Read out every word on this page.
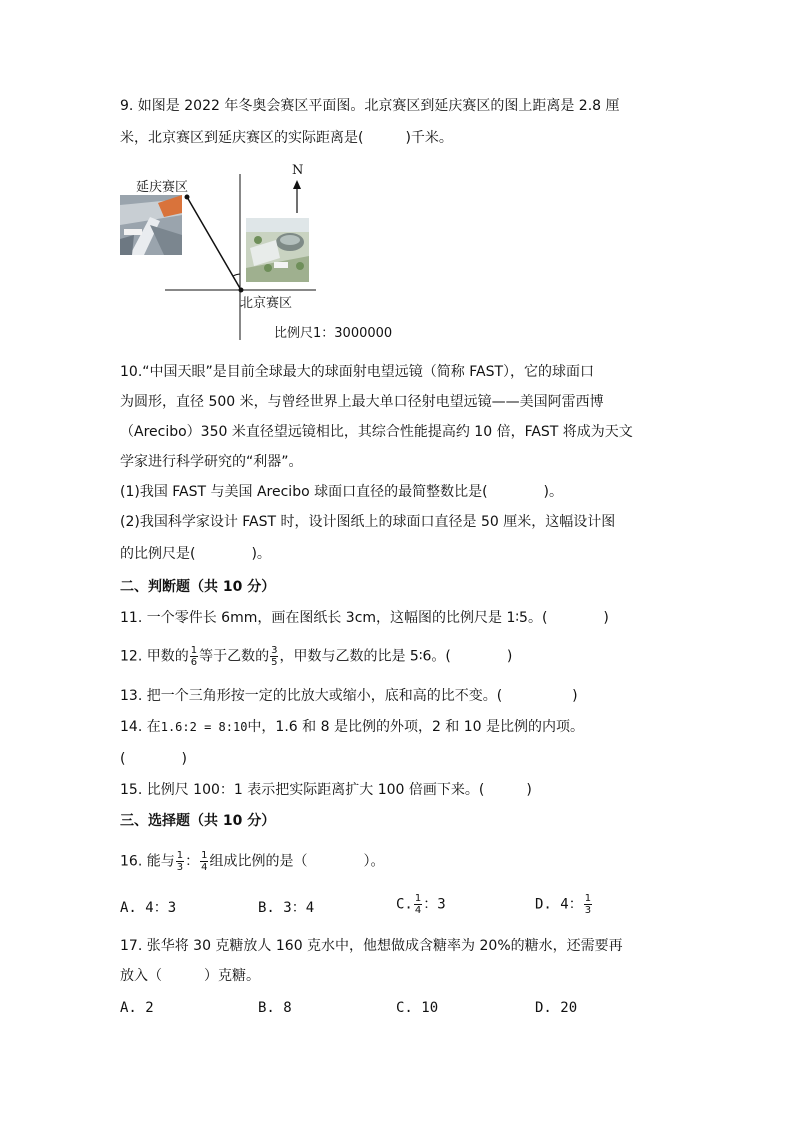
9. 如图是 2022 年冬奥会赛区平面图。北京赛区到延庆赛区的图上距离是 2.8 厘
米，北京赛区到延庆赛区的实际距离是(　　　)千米。
N
延庆赛区
北京赛区
比例尺1：3000000
10.“中国天眼”是目前全球最大的球面射电望远镜（简称 FAST），它的球面口
为圆形，直径 500 米，与曾经世界上最大单口径射电望远镜——美国阿雷西博
（Arecibo）350 米直径望远镜相比，其综合性能提高约 10 倍，FAST 将成为天文
学家进行科学研究的“利器”。
(1)我国 FAST 与美国 Arecibo 球面口直径的最简整数比是(　　　　)。
(2)我国科学家设计 FAST 时，设计图纸上的球面口直径是 50 厘米，这幅设计图
的比例尺是(　　　　)。
二、判断题（共 10 分）
11. 一个零件长 6mm，画在图纸长 3cm，这幅图的比例尺是 1∶5。(　　　　)
12. 甲数的 $\frac{1}{6}$ 等于乙数的 $\frac{3}{5}$ ，甲数与乙数的比是 5∶6。(　　　　)
13. 把一个三角形按一定的比放大或缩小，底和高的比不变。(　　　　　)
14. 在1.6:2 = 8:10中，1.6 和 8 是比例的外项，2 和 10 是比例的内项。
(　　　　)
15. 比例尺 100：1 表示把实际距离扩大 100 倍画下来。(　　　)
三、选择题（共 10 分）
16. 能与 $\frac{1}{3}$ ： $\frac{1}{4}$ 组成比例的是（　　　　）。
A. 4：3	B. 3：4	C. $\frac{1}{4}$ ：3	D. 4： $\frac{1}{3}$
17. 张华将 30 克糖放人 160 克水中，他想做成含糖率为 20%的糖水，还需要再
放入（　　　）克糖。
A. 2	B. 8	C. 10	D. 20
